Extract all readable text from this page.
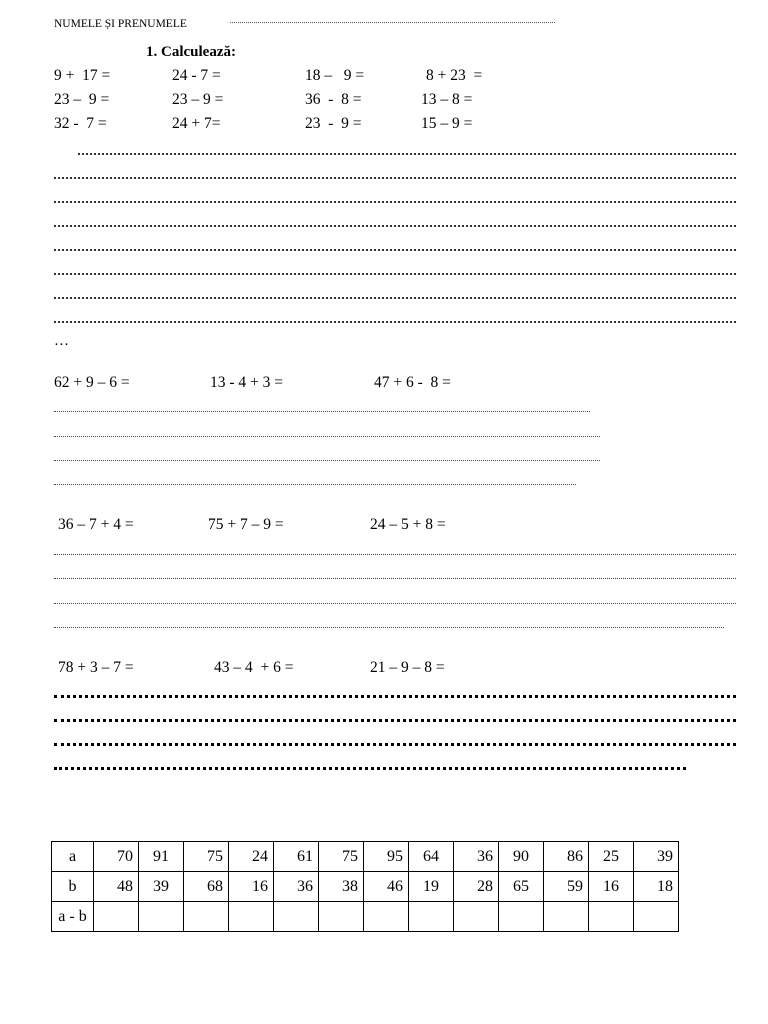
NUMELE ȘI PRENUMELE
1. Calculează:
9 +  17 =	24 - 7 =	18 –   9 =	8 + 23  =
23 –  9 =	23 – 9 =	36  -  8 =	13 – 8 =
32 -  7 =	24 + 7=	23  -  9 =	15 – 9 =
…
62 + 9 – 6 =	13 - 4 + 3 =	47 + 6 -  8 =
36 – 7 + 4 =	75 + 7 – 9 =	24 – 5 + 8 =
78 + 3 – 7 =	43 – 4  + 6 =	21 – 9 – 8 =
a	70	91	75	24	61	75	95	64	36	90	86	25	39
b	48	39	68	16	36	38	46	19	28	65	59	16	18
a - b													
